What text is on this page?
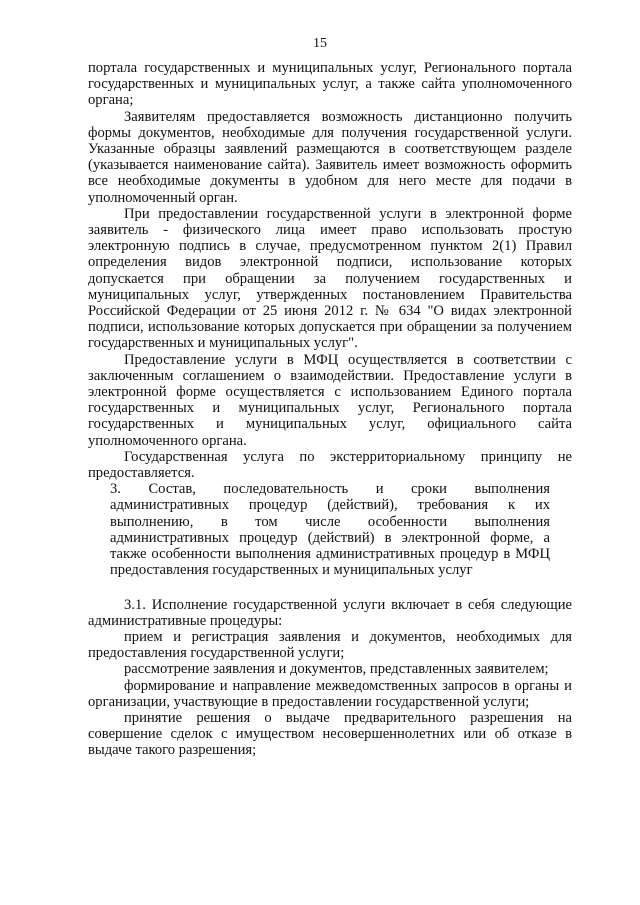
15

портала государственных и муниципальных услуг, Регионального портала государственных и муниципальных услуг, а также сайта уполномоченного органа;

Заявителям предоставляется возможность дистанционно получить формы документов, необходимые для получения государственной услуги. Указанные образцы заявлений размещаются в соответствующем разделе (указывается наименование сайта). Заявитель имеет возможность оформить все необходимые документы в удобном для него месте для подачи в уполномоченный орган.

При предоставлении государственной услуги в электронной форме заявитель - физического лица имеет право использовать простую электронную подпись в случае, предусмотренном пунктом 2(1) Правил определения видов электронной подписи, использование которых допускается при обращении за получением государственных и муниципальных услуг, утвержденных постановлением Правительства Российской Федерации от 25 июня 2012 г. № 634 "О видах электронной подписи, использование которых допускается при обращении за получением государственных и муниципальных услуг".

Предоставление услуги в МФЦ осуществляется в соответствии с заключенным соглашением о взаимодействии. Предоставление услуги в электронной форме осуществляется с использованием Единого портала государственных и муниципальных услуг, Регионального портала государственных и муниципальных услуг, официального сайта уполномоченного органа.

Государственная услуга по экстерриториальному принципу не предоставляется.

3. Состав, последовательность и сроки выполнения административных процедур (действий), требования к их выполнению, в том числе особенности выполнения административных процедур (действий) в электронной форме, а также особенности выполнения административных процедур в МФЦ предоставления государственных и муниципальных услуг

3.1. Исполнение государственной услуги включает в себя следующие административные процедуры:

прием и регистрация заявления и документов, необходимых для предоставления государственной услуги;

рассмотрение заявления и документов, представленных заявителем;

формирование и направление межведомственных запросов в органы и организации, участвующие в предоставлении государственной услуги;

принятие решения о выдаче предварительного разрешения на совершение сделок с имуществом несовершеннолетних или об отказе в выдаче такого разрешения;
